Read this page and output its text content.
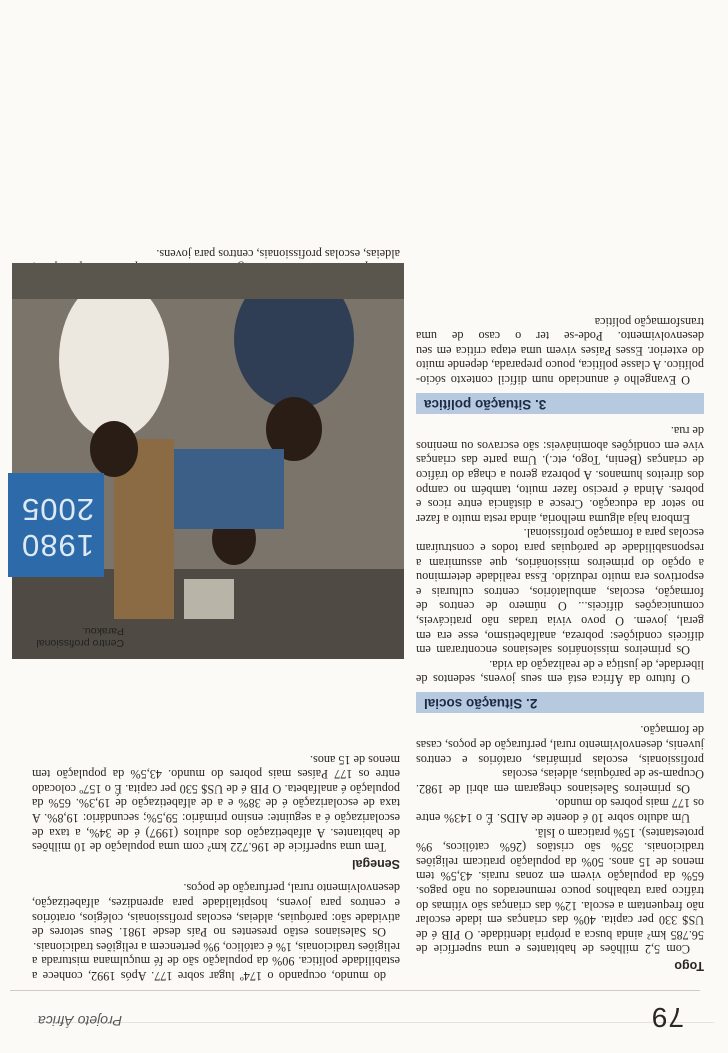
79
Projeto África

do mundo, ocupando o 174º lugar sobre 177. Após 1992, conhece a estabilidade política. 90% da população são de fé muçulmana misturada a religiões tradicionais, 1% é católico, 9% pertencem a religiões tradicionais.

Os Salesianos estão presentes no País desde 1981. Seus setores de atividade são: paróquias, aldeias, escolas profissionais, colégios, oratórios e centros para jovens, hospitalidade para aprendizes, alfabetização, desenvolvimento rural, perfuração de poços.

Senegal

Tem uma superfície de 196.722 km² com uma população de 10 milhões de habitantes. A alfabetização dos adultos (1997) é de 34%, a taxa de escolarização é a seguinte: ensino primário: 59,5%; secundário: 19,8%. A taxa de escolarização é de 38% e a de alfabetização de 19,3%. 65% da população é analfabeta. O PIB é de US$ 530 per capita. É o 157º colocado entre os 177 Países mais pobres do mundo. 43,5% da população tem menos de 15 anos.

aldeias, escolas profissionais, centros para jovens.

Togo

Com 5,2 milhões de habitantes e uma superfície de 56.785 km² ainda busca a própria identidade. O PIB é de US$ 330 per capita. 40% das crianças em idade escolar não frequentam a escola. 12% das crianças são vítimas do tráfico para trabalhos pouco remunerados ou não pagos. 65% da população vivem em zonas rurais. 43,5% tem menos de 15 anos. 50% da população praticam religiões tradicionais. 35% são cristãos (26% católicos, 9% protestantes). 15% praticam o Islã.

Um adulto sobre 10 é doente de AIDS. É o 143% entre os 177 mais pobres do mundo.

Os primeiros Salesianos chegaram em abril de 1982. Ocupam-se de paróquias, aldeias, escolas

profissionais, escolas primárias, oratórios e centros juvenis, desenvolvimento rural, perfuração de poços, casas de formação.

2. Situação social

O futuro da África está em seus jovens, sedentos de liberdade, de justiça e de realização da vida.

Os primeiros missionários salesianos encontraram em difíceis condições: pobreza, analfabetismo, esse era em geral, jovem. O povo vivia tradas não praticáveis, comunicações difíceis... O número de centros de formação, escolas, ambulatórios, centros culturais e esportivos era muito reduzido. Essa realidade determinou a opção do primeiros missionários, que assumiram a responsabilidade de paróquias para todos e construíram escolas para a formação profissional.

Embora haja alguma melhoria, ainda resta muito a fazer no setor da educação. Cresce a distância entre ricos e pobres. Ainda é preciso fazer muito, também no campo dos direitos humanos. A pobreza gerou a chaga do tráfico de crianças (Benin, Togo, etc.). Uma parte das crianças vive em condições abomináveis: são escravos ou meninos de rua.

3. Situação política

O Evangelho é anunciado num difícil contexto sócio-político. A classe política, pouco preparada, depende muito do exterior. Esses Países vivem uma etapa crítica em seu desenvolvimento. Pode-se ter o caso de uma transformação política

Centro profissional Parakou.
1980
2005
